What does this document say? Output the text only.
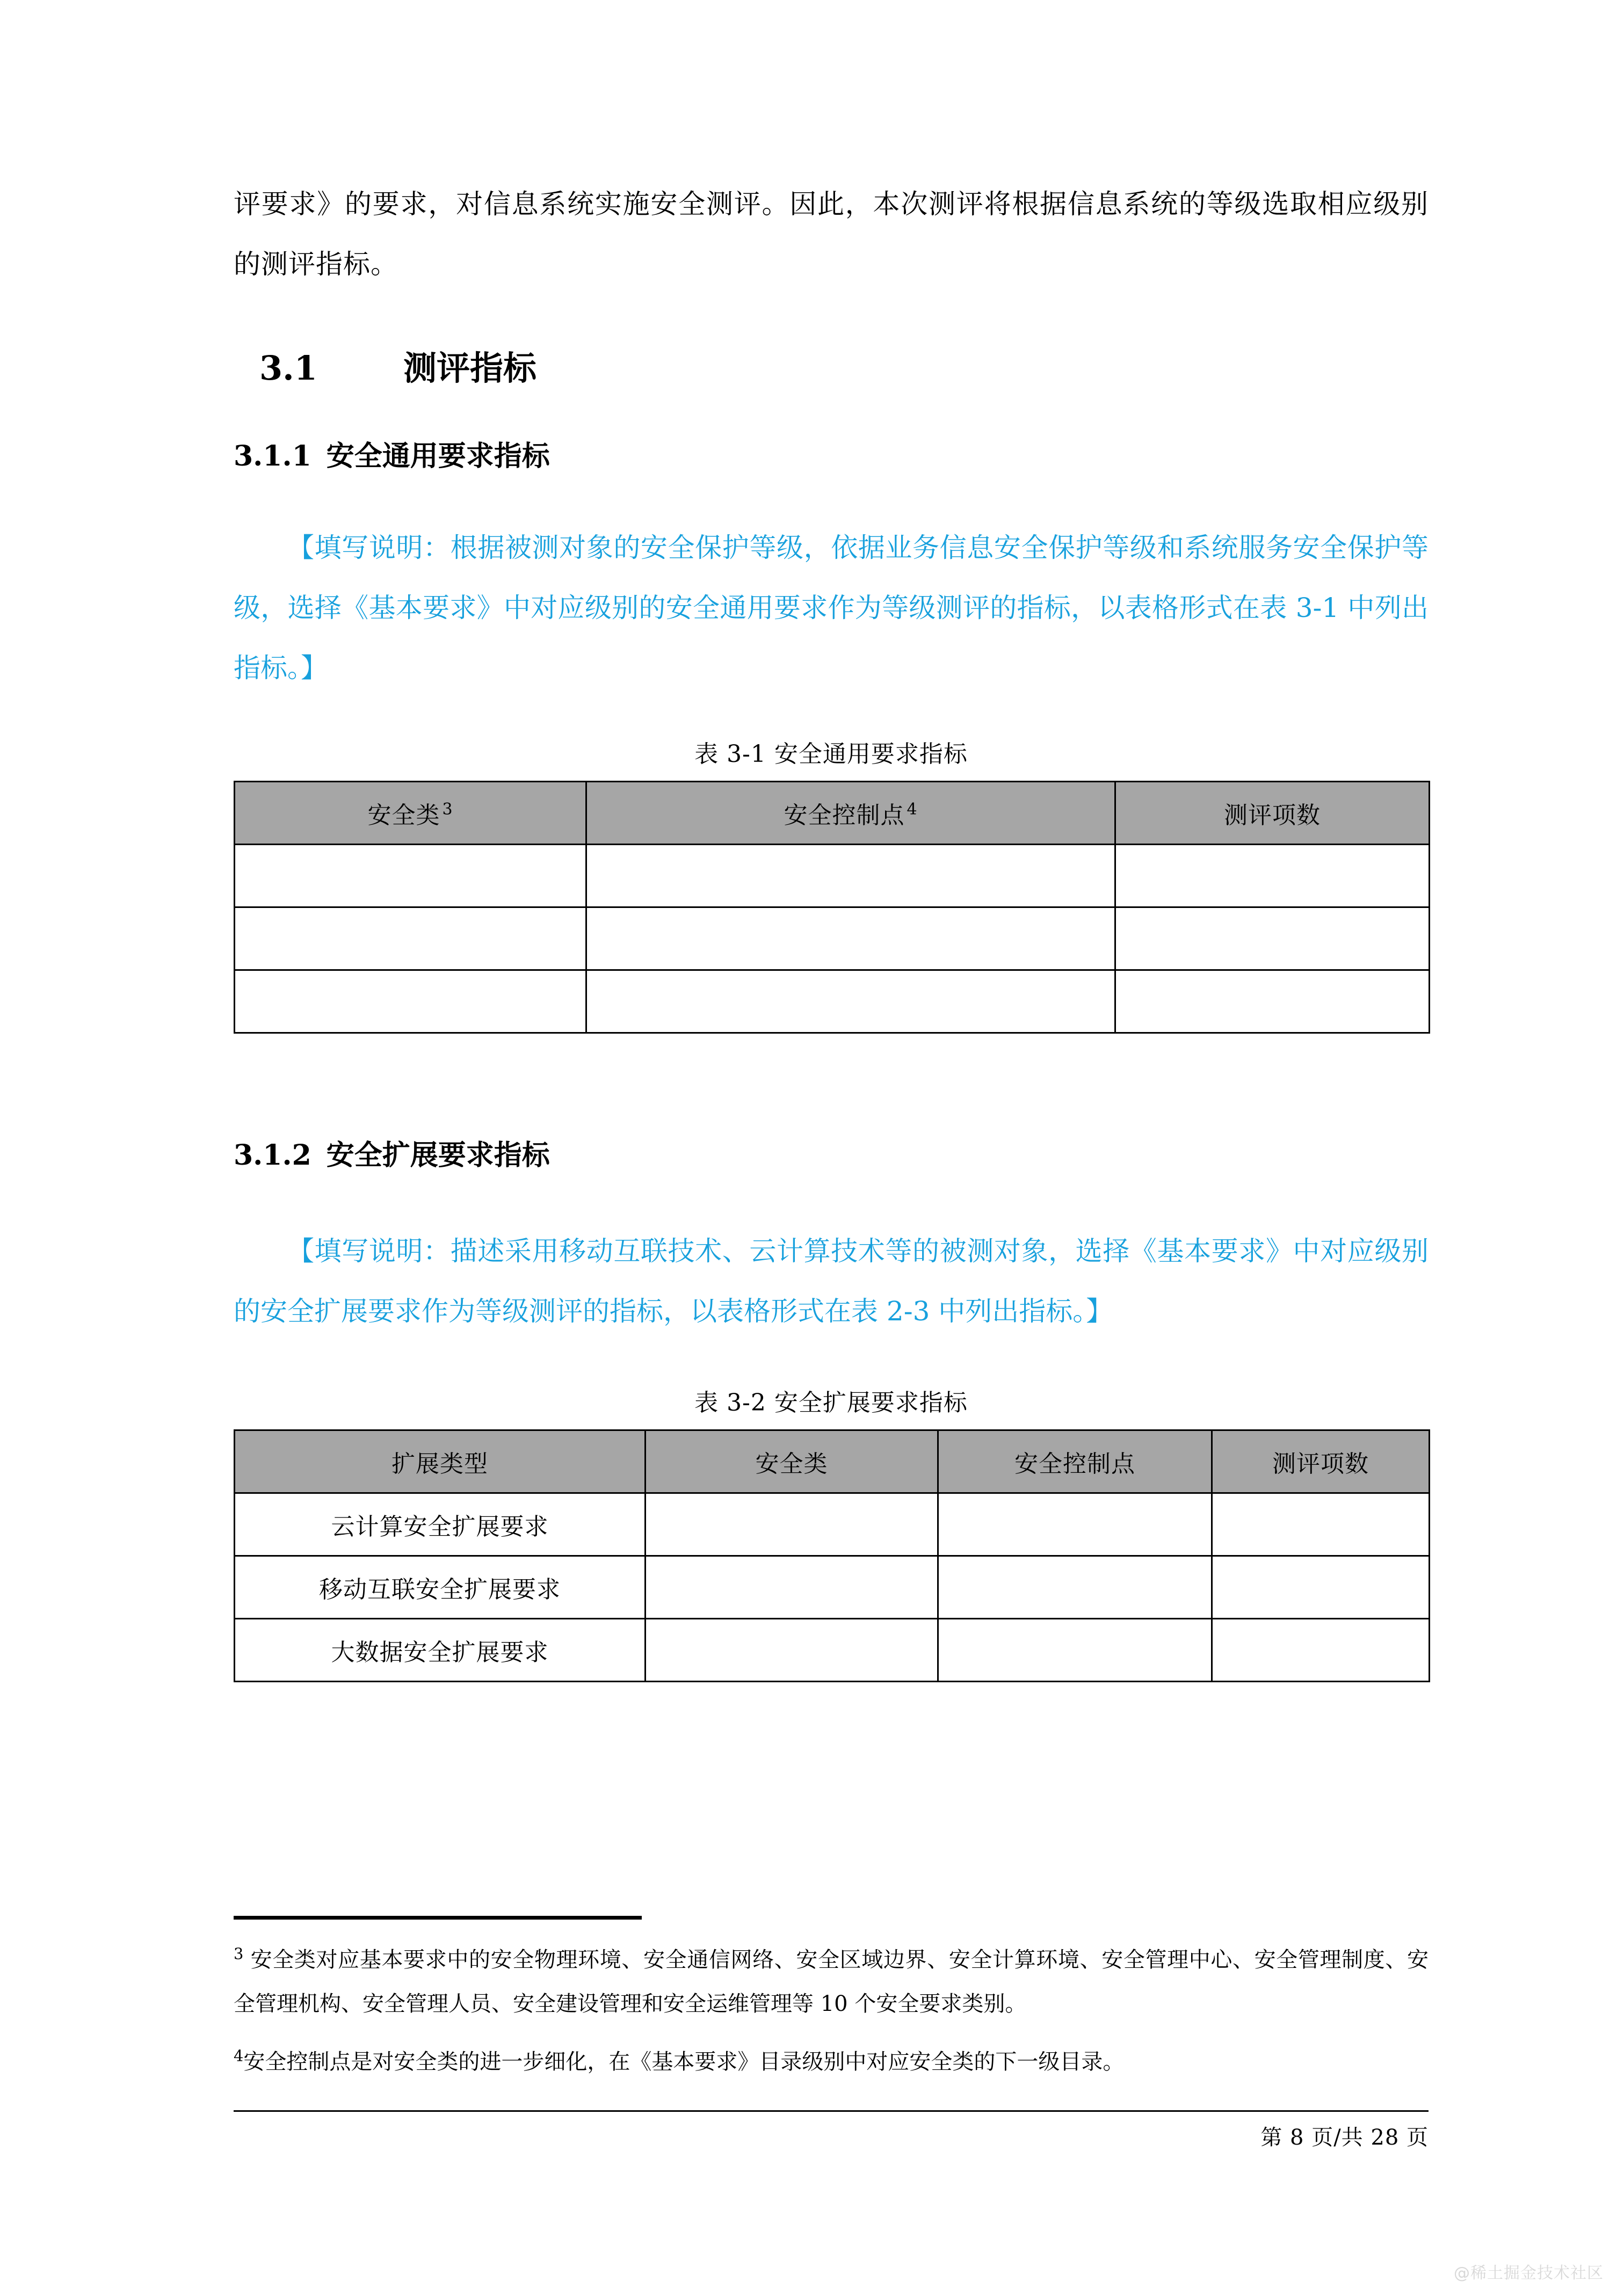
评要求》的要求，对信息系统实施安全测评。因此，本次测评将根据信息系统的等级选取相应级别的测评指标。

3.1	测评指标
3.1.1 安全通用要求指标

【填写说明：根据被测对象的安全保护等级，依据业务信息安全保护等级和系统服务安全保护等级，选择《基本要求》中对应级别的安全通用要求作为等级测评的指标，以表格形式在表 3-1 中列出指标。】

表 3-1 安全通用要求指标

安全类 $^3$	安全控制点 $^4$	测评项数

3.1.2 安全扩展要求指标

【填写说明：描述采用移动互联技术、云计算技术等的被测对象，选择《基本要求》中对应级别的安全扩展要求作为等级测评的指标，以表格形式在表 2-3 中列出指标。】

表 3-2 安全扩展要求指标

扩展类型	安全类	安全控制点	测评项数
云计算安全扩展要求			
移动互联安全扩展要求			
大数据安全扩展要求			

$^3$ 安全类对应基本要求中的安全物理环境、安全通信网络、安全区域边界、安全计算环境、安全管理中心、安全管理制度、安全管理机构、安全管理人员、安全建设管理和安全运维管理等 10 个安全要求类别。

$^4$安全控制点是对安全类的进一步细化，在《基本要求》目录级别中对应安全类的下一级目录。

第 8 页/共 28 页
@稀土掘金技术社区
